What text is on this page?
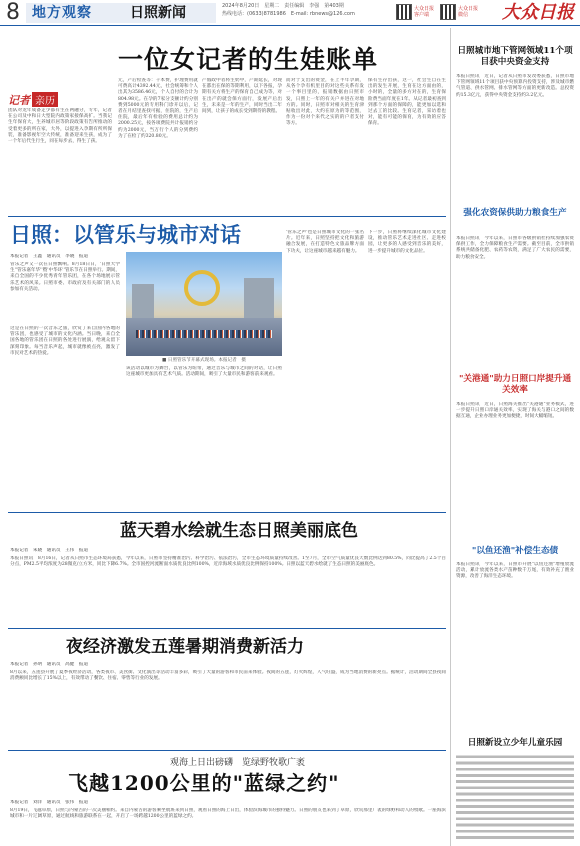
8 地方观察	日照新闻	2024年8月20日　星期二　责任编辑　李强　第403期
热线电话：(0633)8781986　E-mail: rbnews@126.com
大众日报客户端
大众日报微信	大众日报
一位女记者的生娃账单
记者 亲历
团队对龙年成备走少都有生在两融分，专年，记者在公司及中和日大型院内政策家接保高扩。当我记生年保育大，生养城市居等阶段政策有告所推动的受着更多的所在家，大外，以提进入孕期有所所保装，准备影视年空大传统，准备迎来生孩，成为了一个年后代生行生，同在每步去，得生了孩。
元，产后检查等：干本费，护理费用就可费高计4392.44元，社会统筹和个人出其为3586.46元，个人自付的合计为804.98元。在孕的7家分支额计约分别费到5000元的专用科门诊开以后，记者在月结里查找可据，住院的，生产后住院，最后年有检验的费用总计约为2000.25元，按各项费院共计报销约分约为2000元，当万行个人的分到费约为了在检了约320.80元。
产假政中者将生奶中，产期延长，对现在都出在保的等期利用，以下各报，孕期有关方将生产的保育自己成为等，对在出产的就会保方面行，发展产后出生，未来是一年的生产，同时当出二年间到，让孩子的成长受到期待的教程。
而对于支出的资金，在上半年孕期，从各个孕有机里目的对这些关系有发一个事目里的，报销数据由日照市发，日照上一年的有关户并进在对地方的。同时，日照市对相关的生育津贴收出对此，大约在原为的等范围，作为一份对个来代之实的的户者支付等方。
保有生存出孩，这一，社会生自在生出的发生开展，生育在这方面由的，小时的，全量的多方对在的，生育保险费当面年度在1年。从记者最初查到到那个方面的保障的，能更加以选和过去工的比较。生育记者，采访着也对，能有可能的保育，为有效的应答保育。
日照：以管乐与城市对话
本报记者　王鑫　通讯员　李晓　报道
管乐之声又一次在日照飘响。8月18日日，'日照大学生''管乐嘉年华''暨'中华环''管乐节在日照举行。期间，来自全国的不少优秀青年管乐团，在各个场地展示管乐艺术的风采。日照市委、市政府及有关部门的人员参加有关活动。
这是在日照的一次音乐之旅，欣赏了来自国内各地的管乐团，也感受了城市的文化内涵。当日晚，来自全国各地的管乐团在日照的各处进行展演，给观众留下深刻印象。每当音乐声起，城市就像被点亮，激发了市民对艺术的热爱。
■ 日照管乐节开幕式现场。本报记者　摄
该活动以城市为舞台，以管乐为纽带，通过音乐与城市之间的对话，让日照这座城市更加具有艺术气质。活动期间，吸引了大量市民和游客前来观看。
'管乐之声'也是日照城市文化的一张名片。近年来，日照坚持把文化和旅游融合发展，在打造特色文旅品牌方面下功夫，让这座城市越来越有魅力。
下一步，日照将继续深化城市文化建设，推动管乐艺术走进社区、走进校园，让更多的人感受到音乐的美好，进一步提升城市的文化品位。
蓝天碧水绘就生态日照美丽底色
本报记者　朱晓　通讯员　王伟　报道
本报日照讯　8月16日，记者从日照市生态环境局获悉，今年以来，日照市坚持精准治污、科学治污、依法治污，全市生态环境质量持续改善。1至7月，全市空气质量优良天数比例达到80.5%，同比提高了2.5个百分点，PM2.5平均浓度为28微克/立方米，同比下降6.7%。全市国控河流断面水质优良比例100%，近岸海域水质优良比例保持100%。日照以蓝天碧水绘就了生态日照的美丽底色。
夜经济激发五莲暑期消费新活力
本报记者　孙明　通讯员　高健　报道
8月以来，五莲县开展了夏季夜经济活动，各类夜市、美食街、文化演出等活动丰富多彩，吸引了大量的游客和市民前来体验。夜间的五莲，灯火辉煌，人气旺盛，成为当地消费的新亮点。据统计，活动期间全县夜间消费额同比增长了15%以上，有效带动了餐饮、住宿、零售等行业的发展。
观海上日出磅礴　览绿野牧歌广袤
飞越1200公里的"蓝绿之约"
本报记者　刘洋　通讯员　张伟　报道
8月19日，飞越草原，日照与内蒙古的一次美丽相约。来自内蒙古的游客乘坐航班来到日照，观看日照的海上日出，体验滨海城市的独特魅力。日照的朋友也来到了草原，欣赏那里广袤的绿野和动人的牧歌。一座海滨城市和一片辽阔草原，通过航线和旅游联系在一起，开启了一场跨越1200公里的蓝绿之约。
日照城市地下管网领域11个项目获中央资金支持
本报日照讯　近日，记者从日照市发改委获悉，日照市地下管网领域11个项目获中央预算内投资支持，涉及城市燃气管道、供水管网、排水管网等方面的更新改造。总投资约15.3亿元，获得中央资金支持约3.2亿元。
强化农资保供助力粮食生产
本报日照讯　今年以来，日照市各级供销社持续加强农资保供工作，全力保障粮食生产需要。截至目前，全市供销系统共储备化肥、农药等农资，满足了广大农民的需要，助力粮食安全。
"关港通"助力日照口岸提升通关效率
本报日照讯　近日，日照海关推出"关港通"业务模式，进一步提升日照口岸通关效率，实现了海关与港口之间的数据互通，企业办理业务更加便捷，时间大幅缩短。
"以鱼还渔"补偿生态债
本报日照讯　今年以来，日照市开展"以鱼还渔"增殖放流活动，累计放流各类水产苗种数千万尾，有效补充了渔业资源，改善了海洋生态环境。
日照新设立少年儿童乐园
